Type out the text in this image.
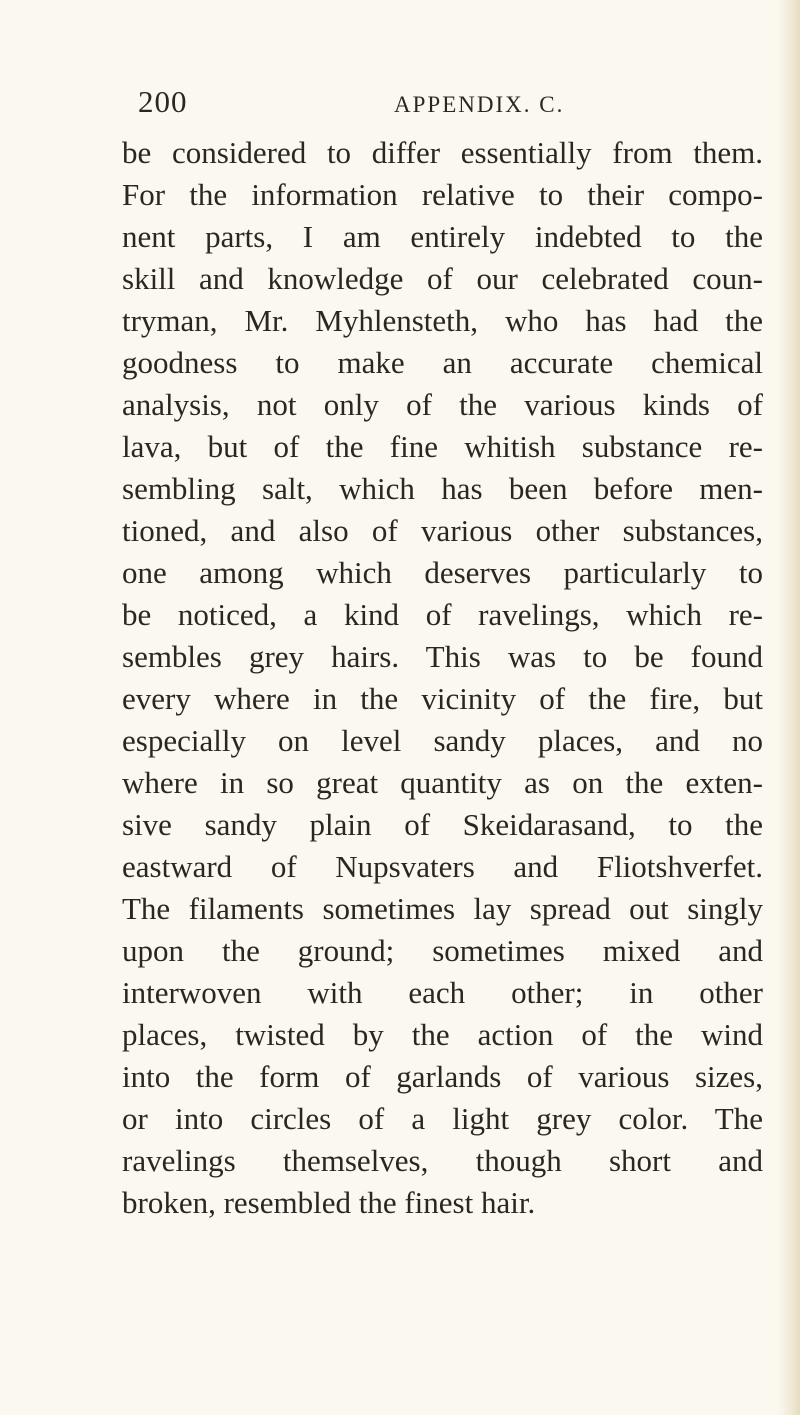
200	APPENDIX. C.
be considered to differ essentially from them.
For the information relative to their compo-
nent parts, I am entirely indebted to the
skill and knowledge of our celebrated coun-
tryman, Mr. Myhlensteth, who has had the
goodness to make an accurate chemical
analysis, not only of the various kinds of
lava, but of the fine whitish substance re-
sembling salt, which has been before men-
tioned, and also of various other substances,
one among which deserves particularly to
be noticed, a kind of ravelings, which re-
sembles grey hairs. This was to be found
every where in the vicinity of the fire, but
especially on level sandy places, and no
where in so great quantity as on the exten-
sive sandy plain of Skeidarasand, to the
eastward of Nupsvaters and Fliotshverfet.
The filaments sometimes lay spread out singly
upon the ground; sometimes mixed and
interwoven with each other; in other
places, twisted by the action of the wind
into the form of garlands of various sizes,
or into circles of a light grey color. The
ravelings themselves, though short and
broken, resembled the finest hair.
